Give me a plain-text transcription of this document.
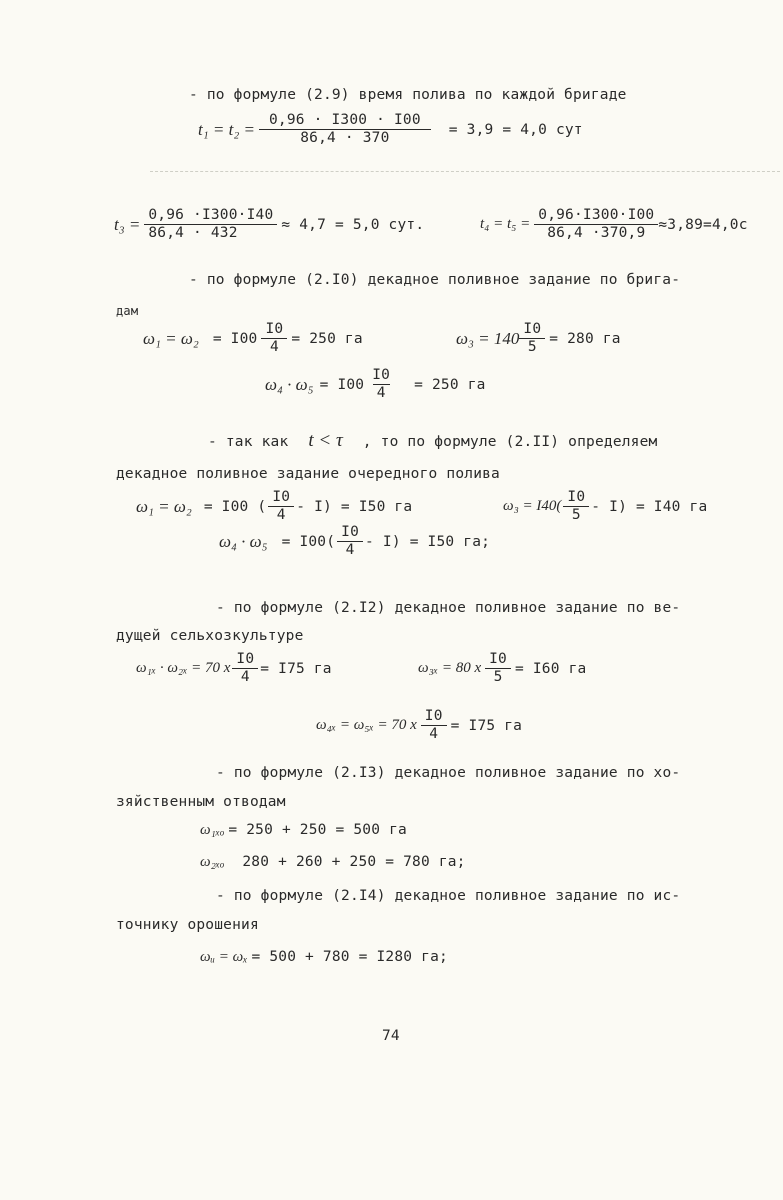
- по формуле (2.9) время полива по каждой бригаде
$t_1 = t_2 = \frac{0,96 \cdot I300 \cdot I00}{86,4 \cdot 370} = 3,9 = 4,0$ сут
$t_3 = \frac{0,96 \cdot I300\cdot I40}{86,4 \cdot 432} \approx 4,7 = 5,0$ сут.	$t_4 = t_5 = \frac{0,96\cdot I300\cdot I00}{86,4 \cdot 370,9} \approx 3,89=4,0с$
- по формуле (2.I0) декадное поливное задание по брига-
дам
$\omega_1 = \omega_2 = I00 \frac{I0}{4} = 250$ га	$\omega_3 = 140 \frac{I0}{5} = 280$ га
$\omega_4 \cdot \omega_5 = I00 \frac{I0}{4} = 250$ га
- так как t < τ , то по формуле (2.II) определяем
декадное поливное задание очередного полива
ω₁ = ω₂ = I00 ( $\frac{I0}{4} - I) = I50$ га	$\omega_3 = I40( \frac{I0}{5} - I) = I40$ га
$\omega_4 \cdot \omega_5 = I00( \frac{I0}{4} - I) = I50$ га;
- по формуле (2.I2) декадное поливное задание по ве-
дущей сельхозкультуре
ω₁ₓ · ω₂ₓ = 70 x $\frac{I0}{4} = I75$ га	ω₃ₓ = 80 x $\frac{I0}{5} = I60$ га
ω₄ₓ = ω₅ₓ = 70 x $\frac{I0}{4} = I75$ га
- по формуле (2.I3) декадное поливное задание по хо-
зяйственным отводам
ω₁ₓₒ = 250 + 250 = 500 га
ω₂ₓₒ 280 + 260 + 250 = 780 га;
- по формуле (2.I4) декадное поливное задание по ис-
точнику орошения
ωᵤ = ωₓ = 500 + 780 = I280 га;
74
